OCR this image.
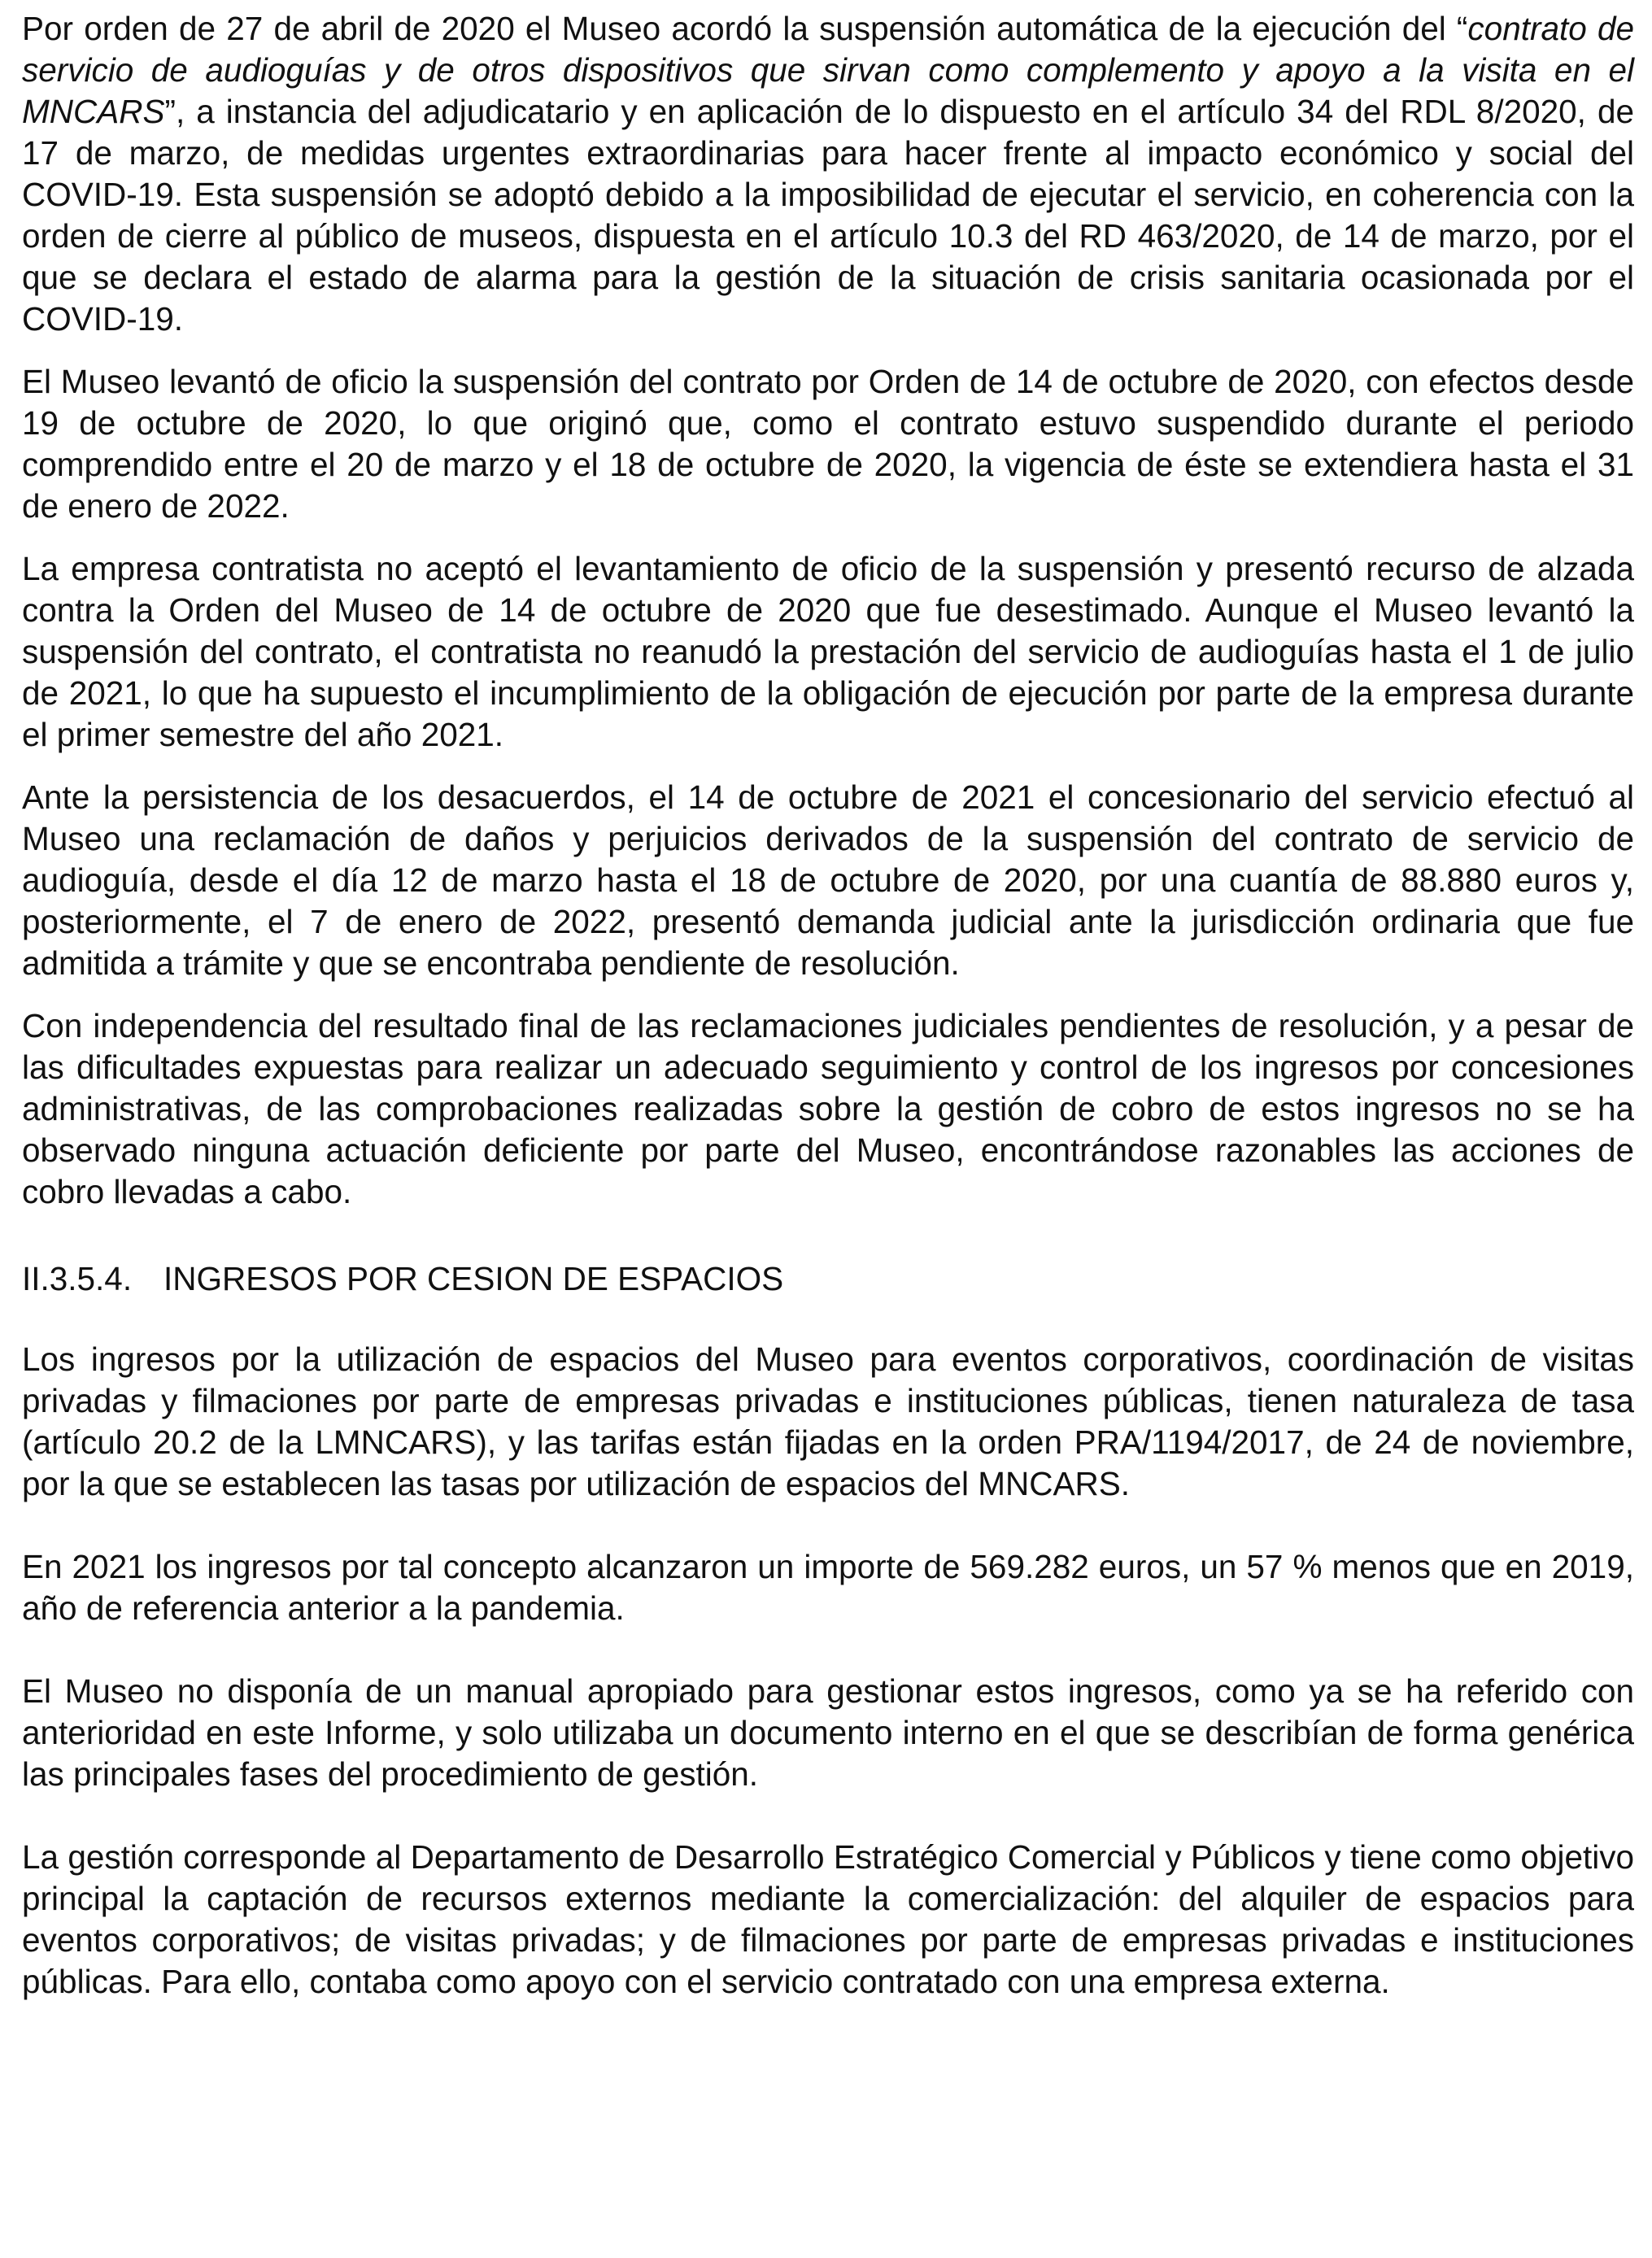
Por orden de 27 de abril de 2020 el Museo acordó la suspensión automática de la ejecución del “contrato de servicio de audioguías y de otros dispositivos que sirvan como complemento y apoyo a la visita en el MNCARS”, a instancia del adjudicatario y en aplicación de lo dispuesto en el artículo 34 del RDL 8/2020, de 17 de marzo, de medidas urgentes extraordinarias para hacer frente al impacto económico y social del COVID-19. Esta suspensión se adoptó debido a la imposibilidad de ejecutar el servicio, en coherencia con la orden de cierre al público de museos, dispuesta en el artículo 10.3 del RD 463/2020, de 14 de marzo, por el que se declara el estado de alarma para la gestión de la situación de crisis sanitaria ocasionada por el COVID-19.

El Museo levantó de oficio la suspensión del contrato por Orden de 14 de octubre de 2020, con efectos desde 19 de octubre de 2020, lo que originó que, como el contrato estuvo suspendido durante el periodo comprendido entre el 20 de marzo y el 18 de octubre de 2020, la vigencia de éste se extendiera hasta el 31 de enero de 2022.

La empresa contratista no aceptó el levantamiento de oficio de la suspensión y presentó recurso de alzada contra la Orden del Museo de 14 de octubre de 2020 que fue desestimado. Aunque el Museo levantó la suspensión del contrato, el contratista no reanudó la prestación del servicio de audioguías hasta el 1 de julio de 2021, lo que ha supuesto el incumplimiento de la obligación de ejecución por parte de la empresa durante el primer semestre del año 2021.

Ante la persistencia de los desacuerdos, el 14 de octubre de 2021 el concesionario del servicio efectuó al Museo una reclamación de daños y perjuicios derivados de la suspensión del contrato de servicio de audioguía, desde el día 12 de marzo hasta el 18 de octubre de 2020, por una cuantía de 88.880 euros y, posteriormente, el 7 de enero de 2022, presentó demanda judicial ante la jurisdicción ordinaria que fue admitida a trámite y que se encontraba pendiente de resolución.

Con independencia del resultado final de las reclamaciones judiciales pendientes de resolución, y a pesar de las dificultades expuestas para realizar un adecuado seguimiento y control de los ingresos por concesiones administrativas, de las comprobaciones realizadas sobre la gestión de cobro de estos ingresos no se ha observado ninguna actuación deficiente por parte del Museo, encontrándose razonables las acciones de cobro llevadas a cabo.

II.3.5.4. INGRESOS POR CESION DE ESPACIOS

Los ingresos por la utilización de espacios del Museo para eventos corporativos, coordinación de visitas privadas y filmaciones por parte de empresas privadas e instituciones públicas, tienen naturaleza de tasa (artículo 20.2 de la LMNCARS), y las tarifas están fijadas en la orden PRA/1194/2017, de 24 de noviembre, por la que se establecen las tasas por utilización de espacios del MNCARS.

En 2021 los ingresos por tal concepto alcanzaron un importe de 569.282 euros, un 57 % menos que en 2019, año de referencia anterior a la pandemia.

El Museo no disponía de un manual apropiado para gestionar estos ingresos, como ya se ha referido con anterioridad en este Informe, y solo utilizaba un documento interno en el que se describían de forma genérica las principales fases del procedimiento de gestión.

La gestión corresponde al Departamento de Desarrollo Estratégico Comercial y Públicos y tiene como objetivo principal la captación de recursos externos mediante la comercialización: del alquiler de espacios para eventos corporativos; de visitas privadas; y de filmaciones por parte de empresas privadas e instituciones públicas. Para ello, contaba como apoyo con el servicio contratado con una empresa externa.
